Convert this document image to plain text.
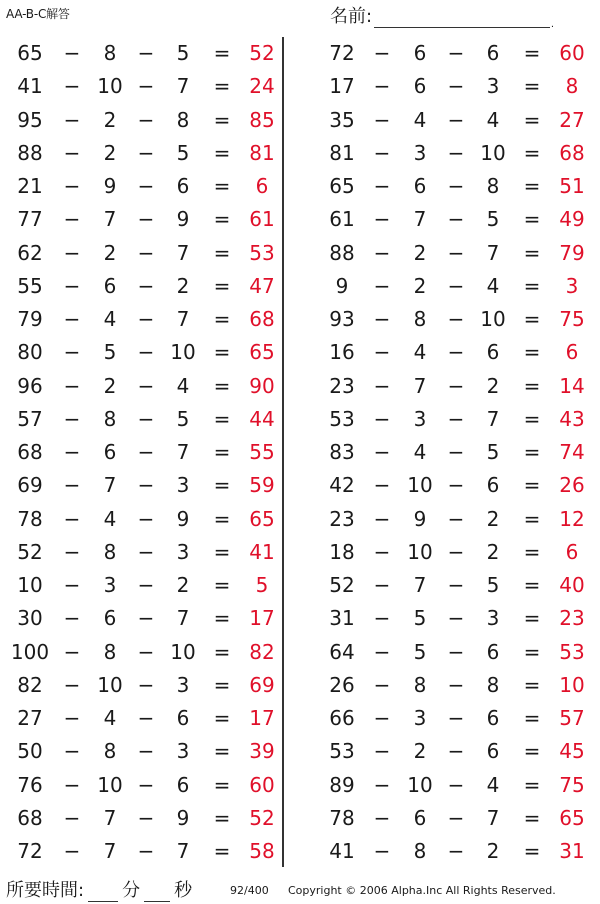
AA-B-C解答	名前:	.
65	−	8	−	5	= 52
41	− 10 −	7	= 24
95	−	2	−	8	= 85
88	−	2	−	5	= 81
21	−	9	−	6	=	6
77	−	7	−	9	= 61
62	−	2	−	7	= 53
55	−	6	−	2	= 47
79	−	4	−	7	= 68
80	−	5	− 10 = 65
96	−	2	−	4	= 90
57	−	8	−	5	= 44
68	−	6	−	7	= 55
69	−	7	−	3	= 59
78	−	4	−	9	= 65
52	−	8	−	3	= 41
10	−	3	−	2	=	5
30	−	6	−	7	= 17
100 −	8	− 10 = 82
82	− 10 −	3	= 69
27	−	4	−	6	= 17
50	−	8	−	3	= 39
76	− 10 −	6	= 60
68	−	7	−	9	= 52
72	−	7	−	7	= 58
72 −	6	−	6	= 60
17 −	6	−	3	=	8
35 −	4	−	4	= 27
81 −	3	− 10 = 68
65 −	6	−	8	= 51
61 −	7	−	5	= 49
88 −	2	−	7	= 79
9	−	2	−	4	=	3
93 −	8	− 10 = 75
16 −	4	−	6	=	6
23 −	7	−	2	= 14
53 −	3	−	7	= 43
83 −	4	−	5	= 74
42 − 10 −	6	= 26
23 −	9	−	2	= 12
18 − 10 −	2	=	6
52 −	7	−	5	= 40
31 −	5	−	3	= 23
64 −	5	−	6	= 53
26 −	8	−	8	= 10
66 −	3	−	6	= 57
53 −	2	−	6	= 45
89 − 10 −	4	= 75
78 −	6	−	7	= 65
41 −	8	−	2	= 31
所要時間: 分 秒	92/400 Copyright © 2006 Alpha.Inc All Rights Reserved.
